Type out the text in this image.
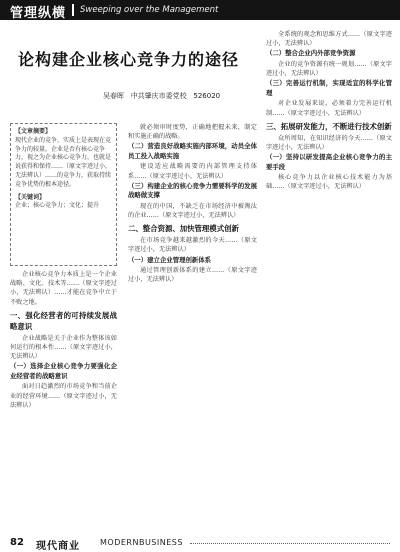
管理纵横 Sweeping over the Management
论构建企业核心竞争力的途径
吴春晖 中共肇庆市委党校 526020
【文章摘要】
现代企业的竞争，实质上是表现在竞争力的较量。企业是否有核心竞争力，视之为企业核心竞争力，也就是说获得和保持……（原文字迹过小，无法辨认）……的竞争力，获取持续竞争优势的根本途径。
【关键词】
企业；核心竞争力；文化；提升

企业核心竞争力本质上是一个企业战略、文化、技术等……（原文字迹过小，无法辨认）……才能在竞争中立于不败之地。

一、强化经营者的可持续发展战略意识

企业战略是关于企业作为整体该如何运行的根本性……（原文字迹过小，无法辨认）

（一）选择企业核心竞争力要强化企业经营者的战略意识

面对日趋激烈的市场竞争和当前企业的经营环境……（原文字迹过小，无法辨认）

就必须审时度势，正确地把握未来，制定和实施正确的战略。

（二）营造良好战略实施内部环境，动员全体员工投入战略实施

建设适应战略需要的内部管理支持体系……（原文字迹过小，无法辨认）

（三）构建企业的核心竞争力需要科学的发展战略做支撑

现在的中国，不缺乏在市场经济中被淘汰的企业……（原文字迹过小，无法辨认）

二、整合资源、加快管理模式创新

在市场竞争越来越激烈的今天……（原文字迹过小，无法辨认）

（一）建立企业管理创新体系

通过管理创新体系的建立……（原文字迹过小，无法辨认）

全系统的观念和思维方式……（原文字迹过小，无法辨认）

（二）整合企业内外部竞争资源

企业的竞争资源有统一规划……（原文字迹过小，无法辨认）

（三）完善运行机制，实现适宜的科学化管理

对企业发展来说，必须着力完善运行机制……（原文字迹过小，无法辨认）

三、拓展研发能力，不断进行技术创新

众所周知，在知识经济的今天……（原文字迹过小，无法辨认）

（一）坚持以研发提高企业核心竞争力的主要手段

核心竞争力以企业核心技术能力为基础……（原文字迹过小，无法辨认）

82 现代商业	MODERNBUSINESS
